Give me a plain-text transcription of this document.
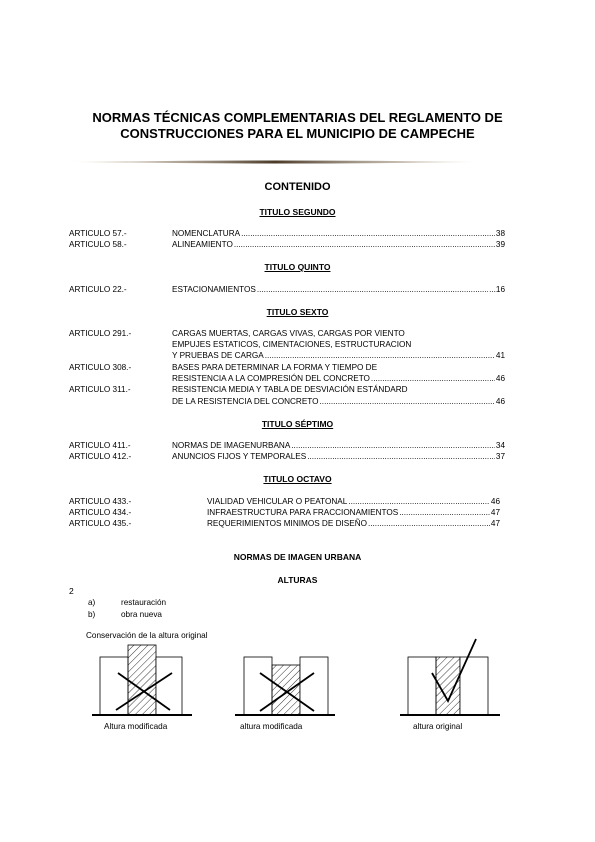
NORMAS TÉCNICAS COMPLEMENTARIAS DEL REGLAMENTO DE
CONSTRUCCIONES PARA EL MUNICIPIO DE CAMPECHE
CONTENIDO
TITULO SEGUNDO
ARTICULO 57.-	NOMENCLATURA .....	38
ARTICULO 58.-	ALINEAMIENTO .....	39
TITULO QUINTO
ARTICULO 22.-	ESTACIONAMIENTOS .....	...16
TITULO SEXTO
ARTICULO 291.-	CARGAS MUERTAS, CARGAS VIVAS, CARGAS POR VIENTO
EMPUJES ESTATICOS, CIMENTACIONES, ESTRUCTURACION
Y PRUEBAS DE CARGA .....	41
ARTICULO 308.-	BASES PARA DETERMINAR LA FORMA Y TIEMPO DE
RESISTENCIA A LA COMPRESIÓN DEL CONCRETO .....	46
ARTICULO 311.-	RESISTENCIA MEDIA Y TABLA DE DESVIACIÓN ESTÁNDARD
DE LA RESISTENCIA DEL CONCRETO .....	46
TITULO SÉPTIMO
ARTICULO 411.-	NORMAS DE IMAGENURBANA .....	34
ARTICULO 412.-	ANUNCIOS FIJOS Y TEMPORALES .....	37
TITULO OCTAVO
ARTICULO 433.-	VIALIDAD VEHICULAR O PEATONAL .....	46
ARTICULO 434.-	INFRAESTRUCTURA PARA FRACCIONAMIENTOS .....	47
ARTICULO 435.-	REQUERIMIENTOS MINIMOS DE DISEÑO .....	47
NORMAS DE IMAGEN URBANA
ALTURAS
2
a)	restauración
b)	obra nueva
Conservación de la altura original
Altura modificada	altura modificada	altura original
